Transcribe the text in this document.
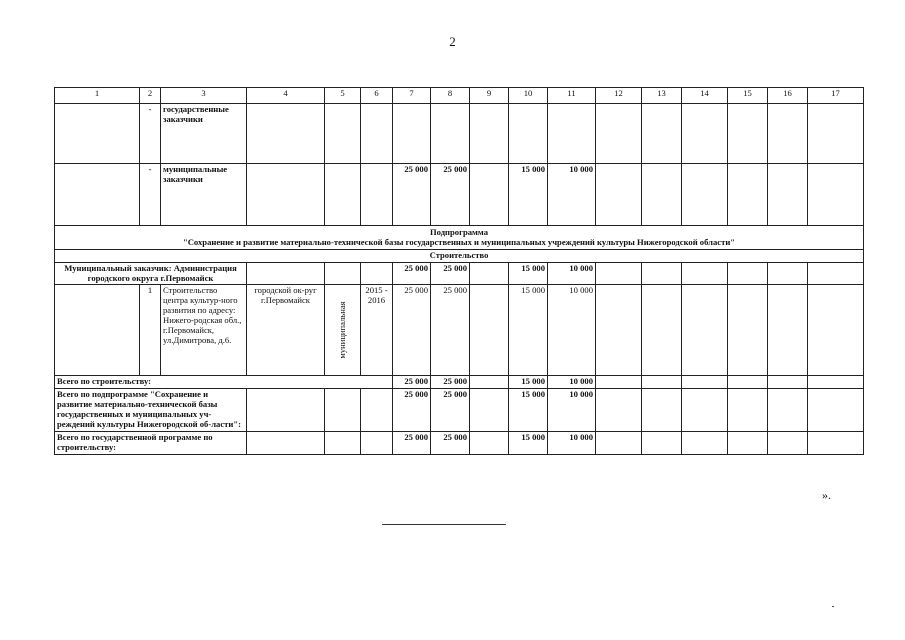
2
1	2	3	4	5	6	7	8	9	10	11	12	13	14	15	16	17
	-	государственные заказчики														
	-	муниципальные заказчики				25 000	25 000		15 000	10 000						

Подпрограмма
"Сохранение и развитие материально-технической базы государственных и муниципальных учреждений культуры Нижегородской области"																

Строительство																
Муниципальный заказчик: Администрация городского округа г.Первомайск						25 000	25 000		15 000	10 000						
	1	Строительство центра культур-ного развития по адресу: Нижего-родская обл., г.Первомайск, ул.Димитрова, д.6.	городской ок-руг г.Первомайск	муниципальная	2015 - 2016	25 000	25 000		15 000	10 000						
Всего по строительству:						25 000	25 000		15 000	10 000						
Всего по подпрограмме "Сохранение и развитие материально-технической базы государственных и муниципальных уч-реждений культуры Нижегородской об-ласти":						25 000	25 000		15 000	10 000						
Всего по государственной программе по строительству:						25 000	25 000		15 000	10 000						
».
